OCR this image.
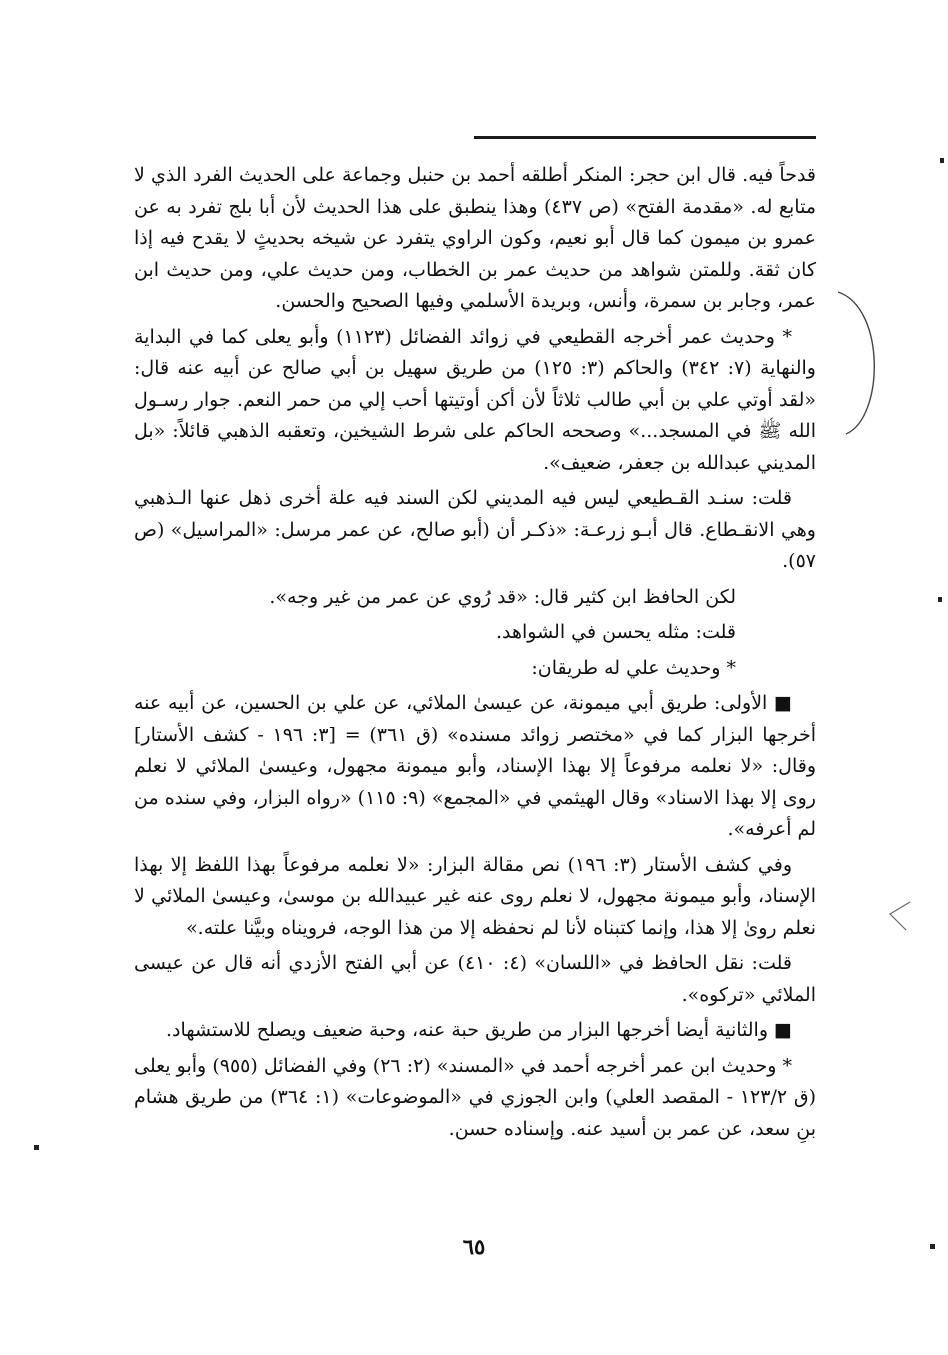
قدحاً فيه. قال ابن حجر: المنكر أطلقه أحمد بن حنبل وجماعة على الحديث الفرد الذي لا متابع له. «مقدمة الفتح» (ص ٤٣٧) وهذا ينطبق على هذا الحديث لأن أبا بلج تفرد به عن عمرو بن ميمون كما قال أبو نعيم، وكون الراوي يتفرد عن شيخه بحديثٍ لا يقدح فيه إذا كان ثقة. وللمتن شواهد من حديث عمر بن الخطاب، ومن حديث علي، ومن حديث ابن عمر، وجابر بن سمرة، وأنس، وبريدة الأسلمي وفيها الصحيح والحسن.

* وحديث عمر أخرجه القطيعي في زوائد الفضائل (١١٢٣) وأبو يعلى كما في البداية والنهاية (٧: ٣٤٢) والحاكم (٣: ١٢٥) من طريق سهيل بن أبي صالح عن أبيه عنه قال: «لقد أوتي علي بن أبي طالب ثلاثاً لأن أكن أوتيتها أحب إلي من حمر النعم. جوار رسـول الله ﷺ في المسجد...» وصححه الحاكم على شرط الشيخين، وتعقبه الذهبي قائلاً: «بل المديني عبدالله بن جعفر، ضعيف».

قلت: سنـد القـطيعي ليس فيه المديني لكن السند فيه علة أخرى ذهل عنها الـذهبي وهي الانقـطاع. قال أبـو زرعـة: «ذكـر أن (أبو صالح، عن عمر مرسل: «المراسيل» (ص ٥٧).

لكن الحافظ ابن كثير قال: «قد رُوي عن عمر من غير وجه».

قلت: مثله يحسن في الشواهد.

* وحديث علي له طريقان:

■ الأولى: طريق أبي ميمونة، عن عيسىٰ الملائي، عن علي بن الحسين، عن أبيه عنه أخرجها البزار كما في «مختصر زوائد مسنده» (ق ٣٦١) = [٣: ١٩٦ - كشف الأستار] وقال: «لا نعلمه مرفوعاً إلا بهذا الإسناد، وأبو ميمونة مجهول، وعيسىٰ الملائي لا نعلم روى إلا بهذا الاسناد» وقال الهيثمي في «المجمع» (٩: ١١٥) «رواه البزار، وفي سنده من لم أعرفه».

وفي كشف الأستار (٣: ١٩٦) نص مقالة البزار: «لا نعلمه مرفوعاً بهذا اللفظ إلا بهذا الإسناد، وأبو ميمونة مجهول، لا نعلم روى عنه غير عبيدالله بن موسىٰ، وعيسىٰ الملائي لا نعلم روىٰ إلا هذا، وإنما كتبناه لأنا لم نحفظه إلا من هذا الوجه، فرويناه وبيَّنا علته.»

قلت: نقل الحافظ في «اللسان» (٤: ٤١٠) عن أبي الفتح الأزدي أنه قال عن عيسى الملائي «تركوه».

■ والثانية أيضا أخرجها البزار من طريق حبة عنه، وحبة ضعيف ويصلح للاستشهاد.

* وحديث ابن عمر أخرجه أحمد في «المسند» (٢: ٢٦) وفي الفضائل (٩٥٥) وأبو يعلى (ق ١٢٣/٢ - المقصد العلي) وابن الجوزي في «الموضوعات» (١: ٣٦٤) من طريق هشام بنِ سعد، عن عمر بن أسيد عنه. وإسناده حسن.

٦٥
